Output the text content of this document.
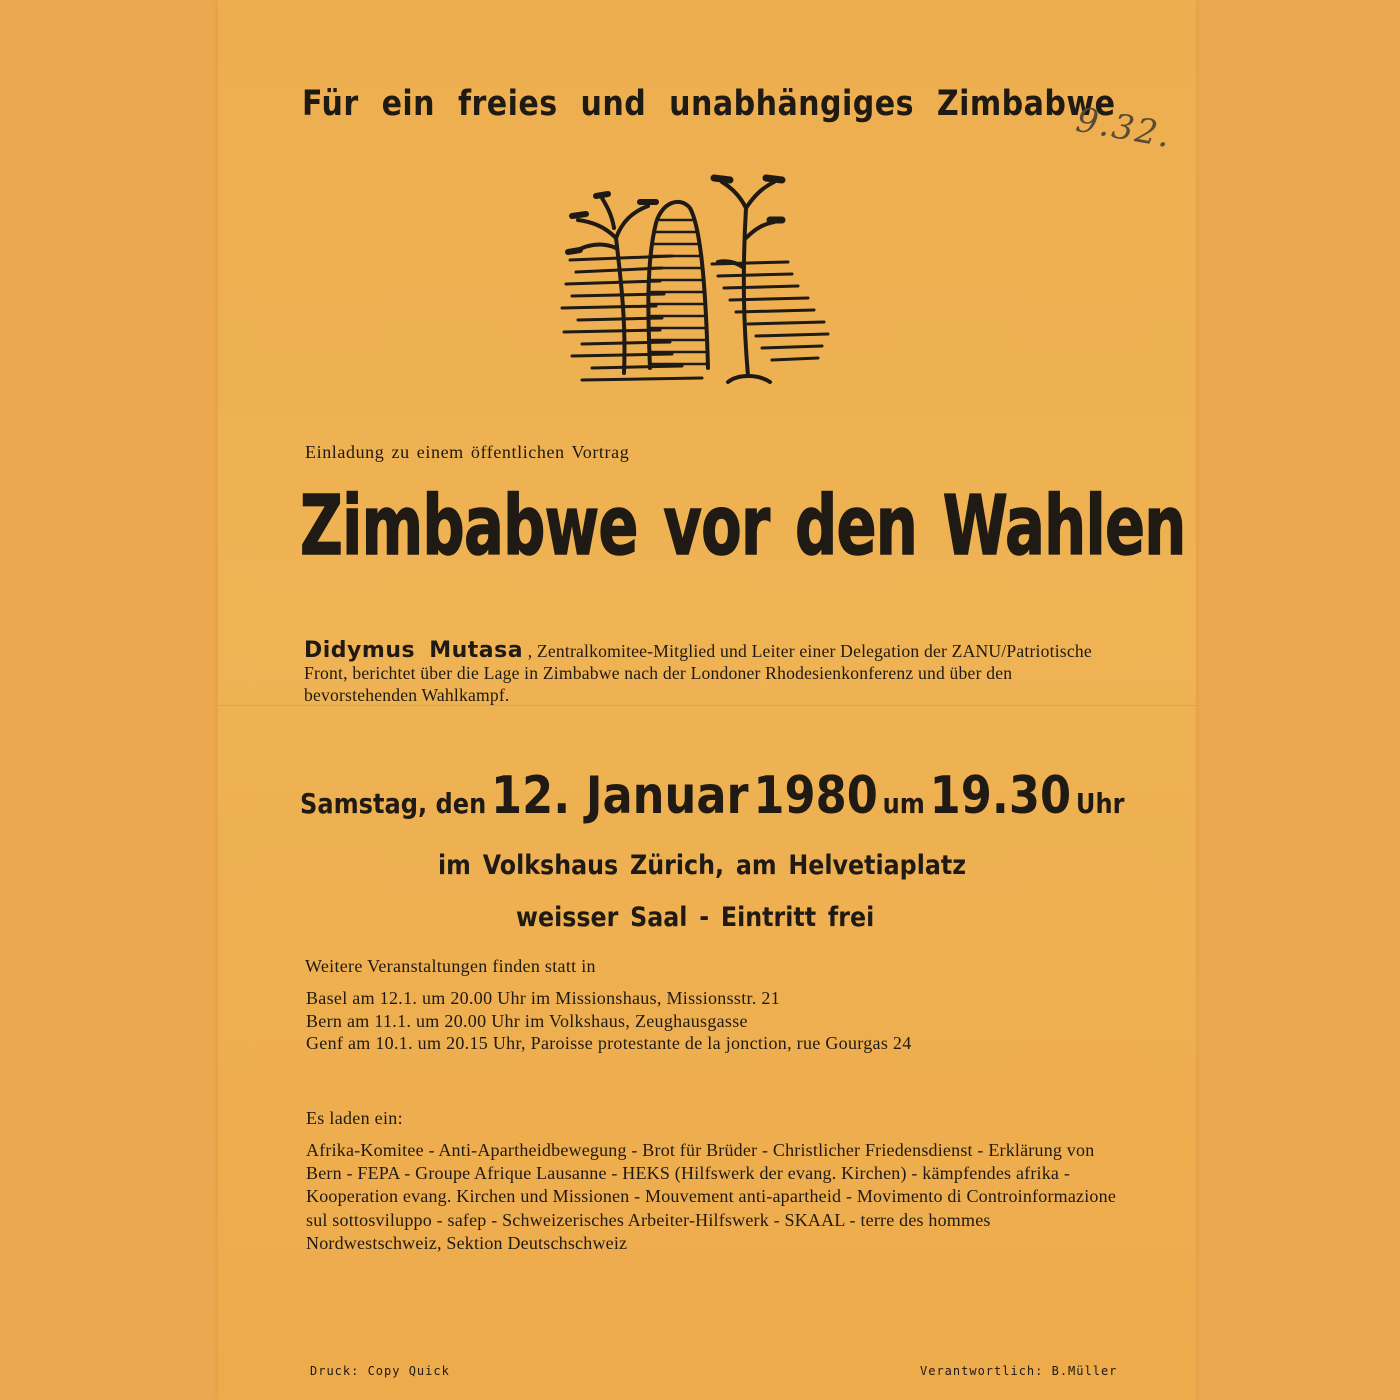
Für ein freies und unabhängiges Zimbabwe
9.32.
Einladung zu einem öffentlichen Vortrag
Zimbabwe vor den Wahlen
Didymus Mutasa , Zentralkomitee-Mitglied und Leiter einer Delegation der ZANU/Patriotische Front, berichtet über die Lage in Zimbabwe nach der Londoner Rhodesienkonferenz und über den bevorstehenden Wahlkampf.
Samstag, den 12. Januar 1980 um 19.30 Uhr
im Volkshaus Zürich, am Helvetiaplatz
weisser Saal - Eintritt frei
Weitere Veranstaltungen finden statt in
Basel am 12.1. um 20.00 Uhr im Missionshaus, Missionsstr. 21
Bern am 11.1. um 20.00 Uhr im Volkshaus, Zeughausgasse
Genf am 10.1. um 20.15 Uhr, Paroisse protestante de la jonction, rue Gourgas 24
Es laden ein:
Afrika-Komitee - Anti-Apartheidbewegung - Brot für Brüder - Christlicher Friedensdienst - Erklärung von Bern - FEPA - Groupe Afrique Lausanne - HEKS (Hilfswerk der evang. Kirchen) - kämpfendes afrika - Kooperation evang. Kirchen und Missionen - Mouvement anti-apartheid - Movimento di Controinformazione sul sottosviluppo - safep - Schweizerisches Arbeiter-Hilfswerk - SKAAL - terre des hommes Nordwestschweiz, Sektion Deutschschweiz
Druck: Copy Quick	Verantwortlich: B.Müller
